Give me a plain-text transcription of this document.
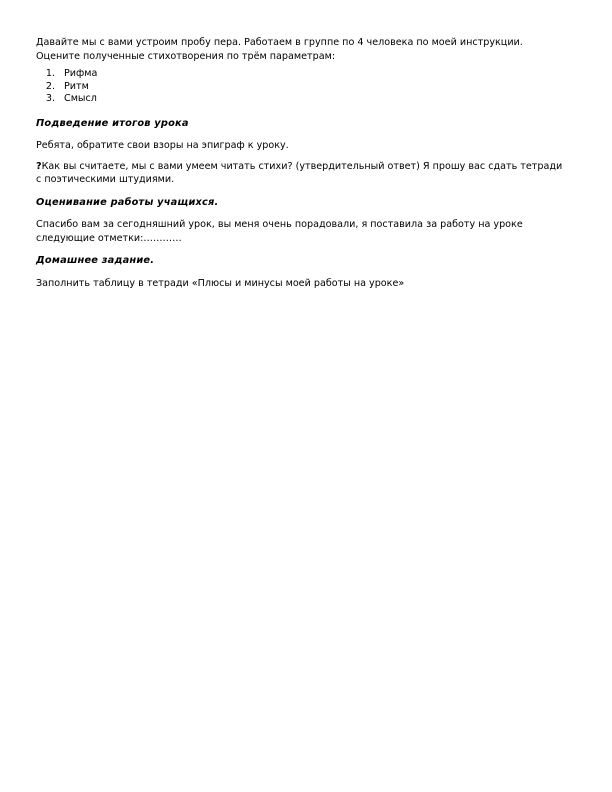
Давайте мы с вами устроим пробу пера. Работаем в группе по 4 человека по моей инструкции. Оцените полученные стихотворения по трём параметрам:

1. Рифма
2. Ритм
3. Смысл

Подведение итогов урока

Ребята, обратите свои взоры на эпиграф к уроку.

?Как вы считаете, мы с вами умеем читать стихи? (утвердительный ответ) Я прошу вас сдать тетради с поэтическими штудиями.

Оценивание работы учащихся.

Спасибо вам за сегодняшний урок, вы меня очень порадовали, я поставила за работу на уроке следующие отметки:…………

Домашнее задание.

Заполнить таблицу в тетради «Плюсы и минусы моей работы на уроке»
